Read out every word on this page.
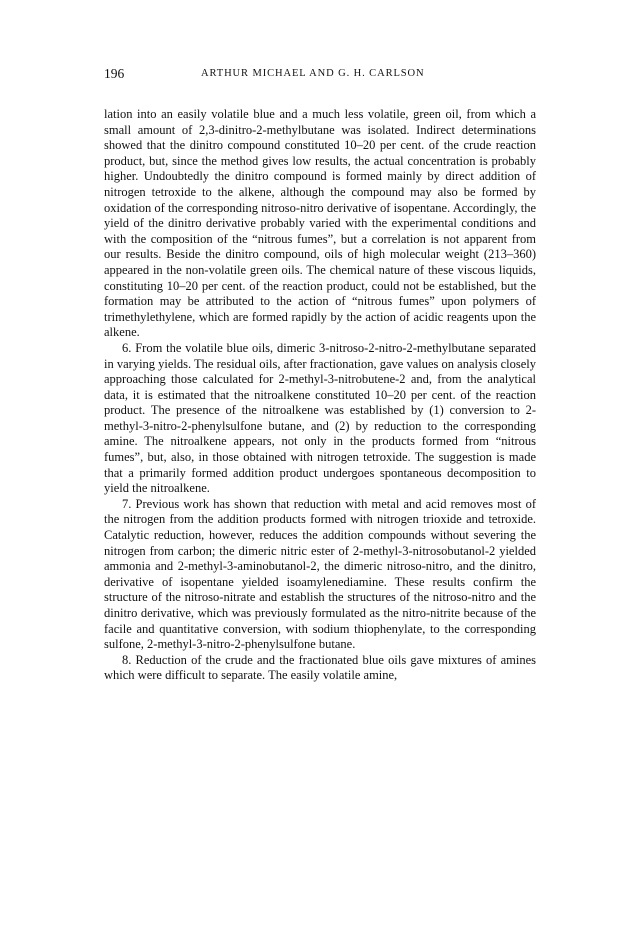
196	ARTHUR MICHAEL AND G. H. CARLSON

lation into an easily volatile blue and a much less volatile, green oil, from which a small amount of 2,3-dinitro-2-methylbutane was isolated. Indirect determinations showed that the dinitro compound constituted 10–20 per cent. of the crude reaction product, but, since the method gives low results, the actual concentration is probably higher. Undoubtedly the dinitro compound is formed mainly by direct addition of nitrogen tetroxide to the alkene, although the compound may also be formed by oxidation of the corresponding nitroso-nitro derivative of isopentane. Accordingly, the yield of the dinitro derivative probably varied with the experimental conditions and with the composition of the “nitrous fumes”, but a correlation is not apparent from our results. Beside the dinitro compound, oils of high molecular weight (213–360) appeared in the non-volatile green oils. The chemical nature of these viscous liquids, constituting 10–20 per cent. of the reaction product, could not be established, but the formation may be attributed to the action of “nitrous fumes” upon polymers of trimethylethylene, which are formed rapidly by the action of acidic reagents upon the alkene.

6. From the volatile blue oils, dimeric 3-nitroso-2-nitro-2-methylbutane separated in varying yields. The residual oils, after fractionation, gave values on analysis closely approaching those calculated for 2-methyl-3-nitrobutene-2 and, from the analytical data, it is estimated that the nitroalkene constituted 10–20 per cent. of the reaction product. The presence of the nitroalkene was established by (1) conversion to 2-methyl-3-nitro-2-phenylsulfone butane, and (2) by reduction to the corresponding amine. The nitroalkene appears, not only in the products formed from “nitrous fumes”, but, also, in those obtained with nitrogen tetroxide. The suggestion is made that a primarily formed addition product undergoes spontaneous decomposition to yield the nitroalkene.

7. Previous work has shown that reduction with metal and acid removes most of the nitrogen from the addition products formed with nitrogen trioxide and tetroxide. Catalytic reduction, however, reduces the addition compounds without severing the nitrogen from carbon; the dimeric nitric ester of 2-methyl-3-nitrosobutanol-2 yielded ammonia and 2-methyl-3-aminobutanol-2, the dimeric nitroso-nitro, and the dinitro, derivative of isopentane yielded isoamylenediamine. These results confirm the structure of the nitroso-nitrate and establish the structures of the nitroso-nitro and the dinitro derivative, which was previously formulated as the nitro-nitrite because of the facile and quantitative conversion, with sodium thiophenylate, to the corresponding sulfone, 2-methyl-3-nitro-2-phenylsulfone butane.

8. Reduction of the crude and the fractionated blue oils gave mixtures of amines which were difficult to separate. The easily volatile amine,
